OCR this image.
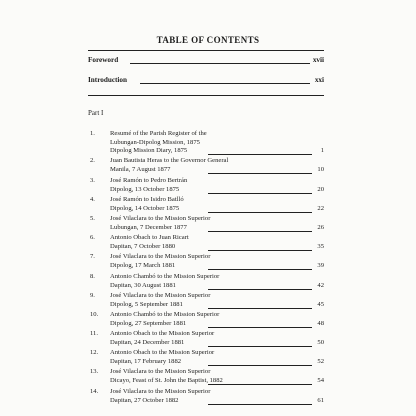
TABLE OF CONTENTS
Foreword	xvii
Introduction	xxi
Part I
1. Resumé of the Parish Register of the
Lubungan-Dipolog Mission, 1875
Dipolog Mission Diary, 1875	1
2. Juan Bautista Heras to the Governor General
Manila, 7 August 1877	10
3. José Ramón to Pedro Bertrán
Dipolog, 13 October 1875	20
4. José Ramón to Isidro Batlló
Dipolog, 14 October 1875	22
5. José Vilaclara to the Mission Superior
Lubungan, 7 December 1877	26
6. Antonio Obach to Juan Ricart
Dapitan, 7 October 1880	35
7. José Vilaclara to the Mission Superior
Dipolog, 17 March 1881	39
8. Antonio Chambó to the Mission Superior
Dapitan, 30 August 1881	42
9. José Vilaclara to the Mission Superior
Dipolog, 5 September 1881	45
10. Antonio Chambó to the Mission Superior
Dipolog, 27 September 1881	48
11. Antonio Obach to the Mission Superior
Dapitan, 24 December 1881	50
12. Antonio Obach to the Mission Superior
Dapitan, 17 February 1882	52
13. José Vilaclara to the Mission Superior
Dicayo, Feast of St. John the Baptist, 1882	54
14. José Vilaclara to the Mission Superior
Dapitan, 27 October 1882	61
